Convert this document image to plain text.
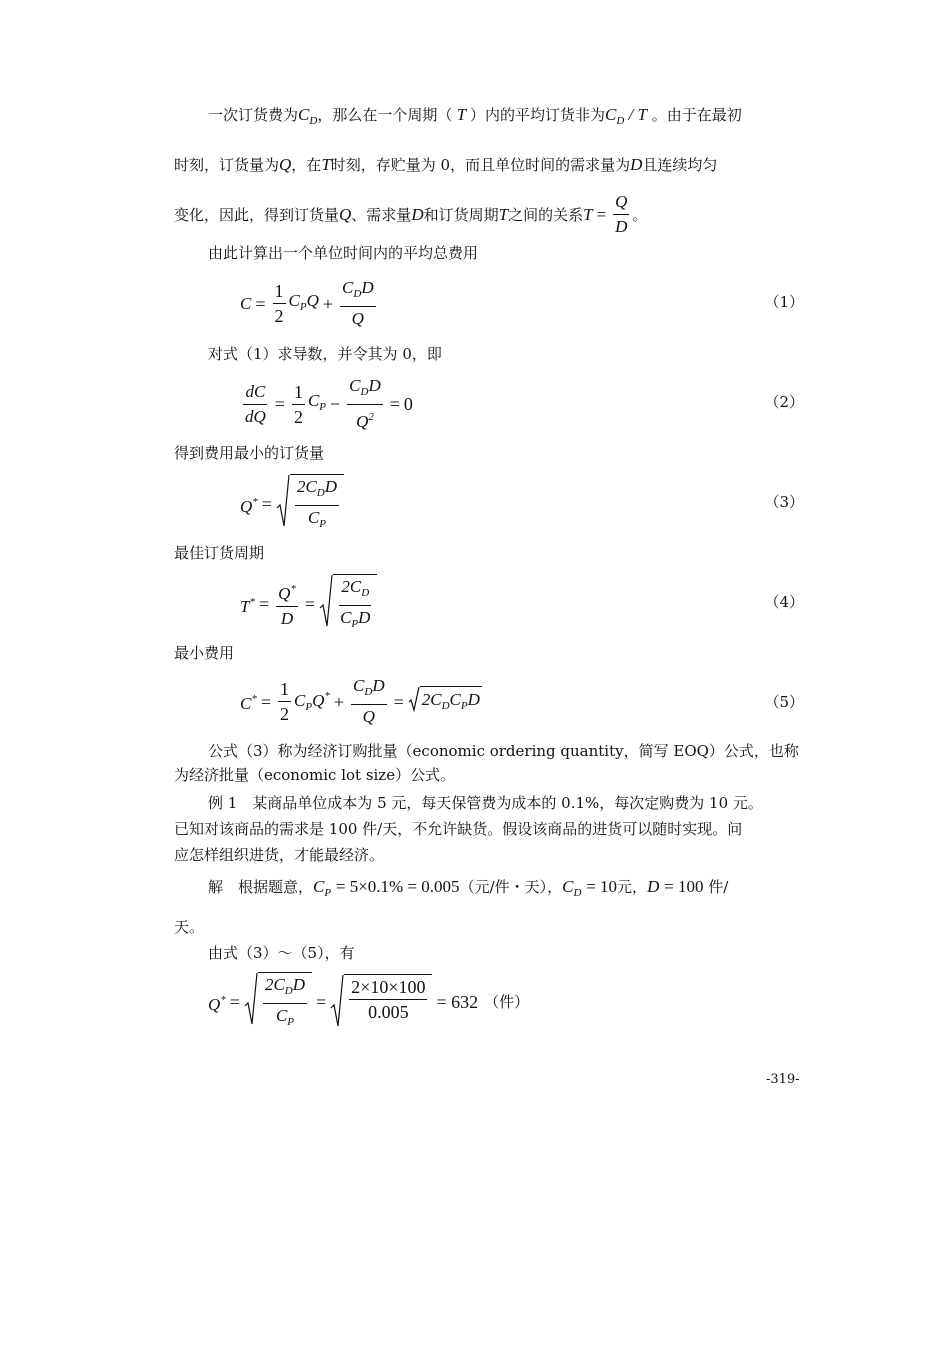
一次订货费为$C_D$，那么在一个周期（ T ）内的平均订货非为$C_D$ / T 。由于在最初
时刻，订货量为Q，在T时刻，存贮量为 0，而且单位时间的需求量为D且连续均匀
变化，因此，得到订货量 Q 、需求量 D 和订货周期 T 之间的关系 $T = \frac{Q}{D}$ 。
由此计算出一个单位时间内的平均总费用
$C = \frac{1}{2} C_PQ + \frac{C_DD}{Q}$	（1）
对式（1）求导数，并令其为 0，即
$\frac{dC}{dQ} = \frac{1}{2} C_P - \frac{C_DD}{Q^2} = 0$	（2）
得到费用最小的订货量
$Q^* = \frac{2C_DD}{C_P}$	（3）
最佳订货周期
$T^* = \frac{Q^*}{D} = \frac{2C_D}{C_PD}$	（4）
最小费用
$C^* = \frac{1}{2} C_PQ^* + \frac{C_DD}{Q} = 2C_DC_PD$	（5）
公式（3）称为经济订购批量（economic ordering quantity，简写 EOQ）公式，也称
为经济批量（economic lot size）公式。
例 1　某商品单位成本为 5 元，每天保管费为成本的 0.1%，每次定购费为 10 元。
已知对该商品的需求是 100 件/天，不允许缺货。假设该商品的进货可以随时实现。问
应怎样组织进货，才能最经济。
解　根据题意，$C_P = 5\times 0.1\% = 0.005$（元/件・天），$C_D = 10$元，D = 100 件/
天。
由式（3）～（5），有
$Q^* = \frac{2C_DD}{C_P} = \frac{2\times 10\times 100}{0.005} = 632$ （件）
-319-
